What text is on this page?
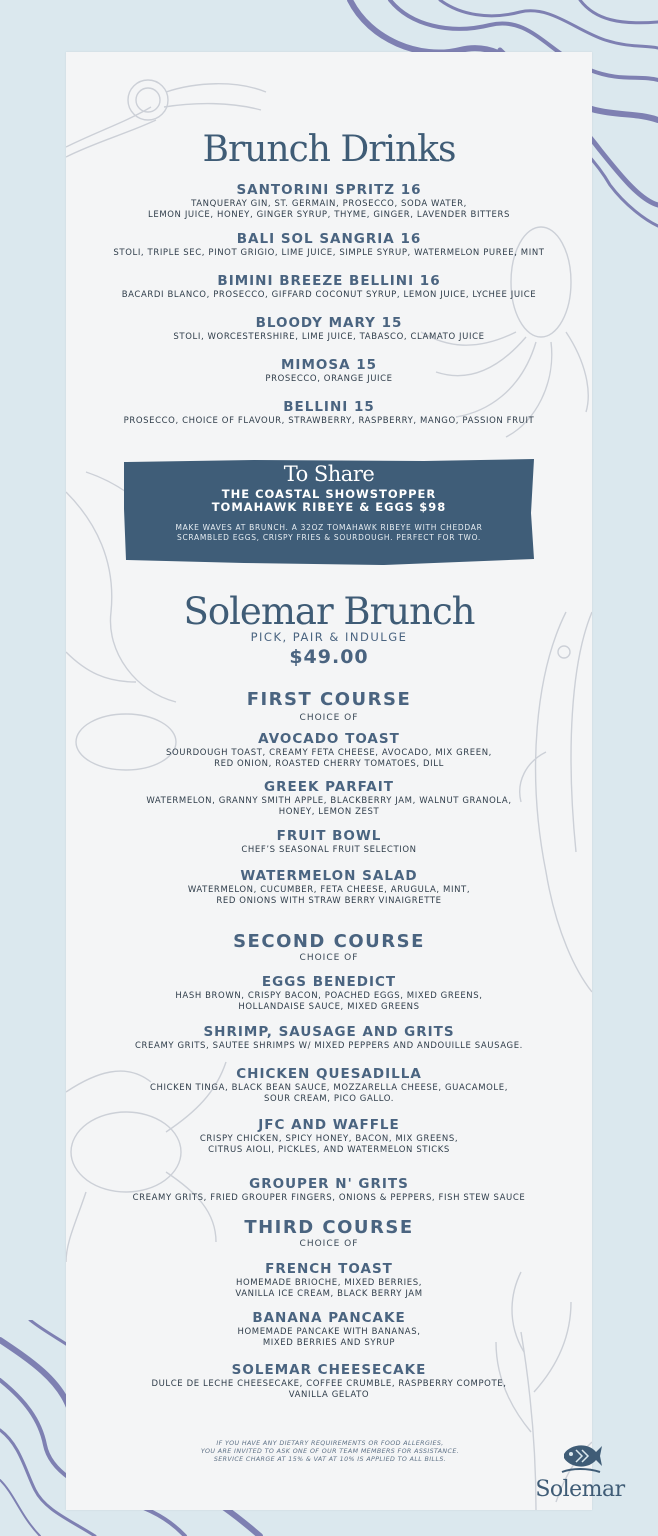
Brunch Drinks
SANTORINI SPRITZ 16
TANQUERAY GIN, ST. GERMAIN, PROSECCO, SODA WATER,
LEMON JUICE, HONEY, GINGER SYRUP, THYME, GINGER, LAVENDER BITTERS
BALI SOL SANGRIA 16
STOLI, TRIPLE SEC, PINOT GRIGIO, LIME JUICE, SIMPLE SYRUP, WATERMELON PUREE, MINT
BIMINI BREEZE BELLINI 16
BACARDI BLANCO, PROSECCO, GIFFARD COCONUT SYRUP, LEMON JUICE, LYCHEE JUICE
BLOODY MARY 15
STOLI, WORCESTERSHIRE, LIME JUICE, TABASCO, CLAMATO JUICE
MIMOSA 15
PROSECCO, ORANGE JUICE
BELLINI 15
PROSECCO, CHOICE OF FLAVOUR, STRAWBERRY, RASPBERRY, MANGO, PASSION FRUIT
To Share
THE COASTAL SHOWSTOPPER
TOMAHAWK RIBEYE & EGGS $98
MAKE WAVES AT BRUNCH. A 32OZ TOMAHAWK RIBEYE WITH CHEDDAR
SCRAMBLED EGGS, CRISPY FRIES & SOURDOUGH. PERFECT FOR TWO.
Solemar Brunch
PICK, PAIR & INDULGE
$49.00
FIRST COURSE
CHOICE OF
AVOCADO TOAST
SOURDOUGH TOAST, CREAMY FETA CHEESE, AVOCADO, MIX GREEN,
RED ONION, ROASTED CHERRY TOMATOES, DILL
GREEK PARFAIT
WATERMELON, GRANNY SMITH APPLE, BLACKBERRY JAM, WALNUT GRANOLA,
HONEY, LEMON ZEST
FRUIT BOWL
CHEF’S SEASONAL FRUIT SELECTION
WATERMELON SALAD
WATERMELON, CUCUMBER, FETA CHEESE, ARUGULA, MINT,
RED ONIONS WITH STRAW BERRY VINAIGRETTE
SECOND COURSE
CHOICE OF
EGGS BENEDICT
HASH BROWN, CRISPY BACON, POACHED EGGS, MIXED GREENS,
HOLLANDAISE SAUCE, MIXED GREENS
SHRIMP, SAUSAGE AND GRITS
CREAMY GRITS, SAUTEE SHRIMPS W/ MIXED PEPPERS AND ANDOUILLE SAUSAGE.
CHICKEN QUESADILLA
CHICKEN TINGA, BLACK BEAN SAUCE, MOZZARELLA CHEESE, GUACAMOLE,
SOUR CREAM, PICO GALLO.
JFC AND WAFFLE
CRISPY CHICKEN, SPICY HONEY, BACON, MIX GREENS,
CITRUS AIOLI, PICKLES, AND WATERMELON STICKS
GROUPER N' GRITS
CREAMY GRITS, FRIED GROUPER FINGERS, ONIONS & PEPPERS, FISH STEW SAUCE
THIRD COURSE
CHOICE OF
FRENCH TOAST
HOMEMADE BRIOCHE, MIXED BERRIES,
VANILLA ICE CREAM, BLACK BERRY JAM
BANANA PANCAKE
HOMEMADE PANCAKE WITH BANANAS,
MIXED BERRIES AND SYRUP
SOLEMAR CHEESECAKE
DULCE DE LECHE CHEESECAKE, COFFEE CRUMBLE, RASPBERRY COMPOTE,
VANILLA GELATO
IF YOU HAVE ANY DIETARY REQUIREMENTS OR FOOD ALLERGIES,
YOU ARE INVITED TO ASK ONE OF OUR TEAM MEMBERS FOR ASSISTANCE.
SERVICE CHARGE AT 15% & VAT AT 10% IS APPLIED TO ALL BILLS.
Solemar
